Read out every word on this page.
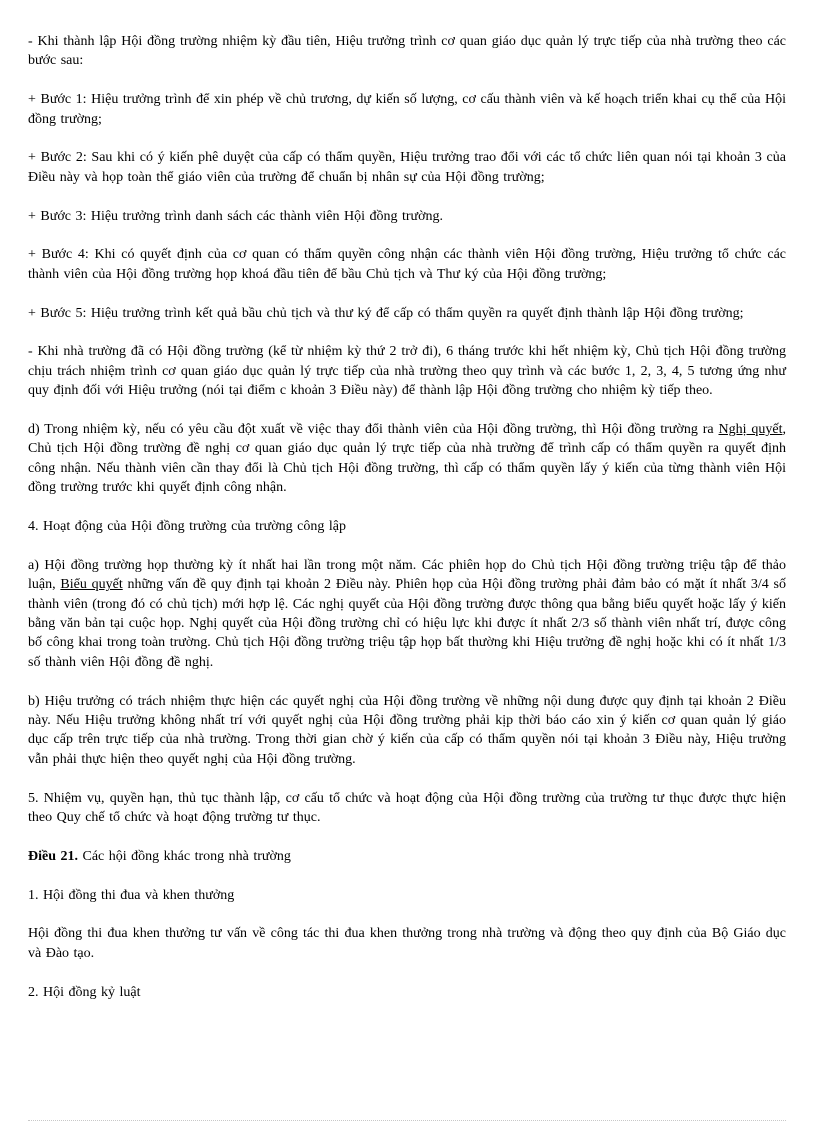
- Khi thành lập Hội đồng trường nhiệm kỳ đầu tiên, Hiệu trưởng trình cơ quan giáo dục quản lý trực tiếp của nhà trường theo các bước sau:

+ Bước 1: Hiệu trưởng trình để xin phép về chủ trương, dự kiến số lượng, cơ cấu thành viên và kế hoạch triển khai cụ thể của Hội đồng trường;

+ Bước 2: Sau khi có ý kiến phê duyệt của cấp có thẩm quyền, Hiệu trưởng trao đổi với các tổ chức liên quan nói tại khoản 3 của Điều này và họp toàn thể giáo viên của trường để chuẩn bị nhân sự của Hội đồng trường;

+ Bước 3: Hiệu trưởng trình danh sách các thành viên Hội đồng trường.

+ Bước 4: Khi có quyết định của cơ quan có thẩm quyền công nhận các thành viên Hội đồng trường, Hiệu trưởng tổ chức các thành viên của Hội đồng trường họp khoá đầu tiên để bầu Chủ tịch và Thư ký của Hội đồng trường;

+ Bước 5: Hiệu trưởng trình kết quả bầu chủ tịch và thư ký để cấp có thẩm quyền ra quyết định thành lập Hội đồng trường;

- Khi nhà trường đã có Hội đồng trường (kể từ nhiệm kỳ thứ 2 trở đi), 6 tháng trước khi hết nhiệm kỳ, Chủ tịch Hội đồng trường chịu trách nhiệm trình cơ quan giáo dục quản lý trực tiếp của nhà trường theo quy trình và các bước 1, 2, 3, 4, 5 tương ứng như quy định đối với Hiệu trưởng (nói tại điểm c khoản 3 Điều này) để thành lập Hội đồng trường cho nhiệm kỳ tiếp theo.

d) Trong nhiệm kỳ, nếu có yêu cầu đột xuất về việc thay đổi thành viên của Hội đồng trường, thì Hội đồng trường ra Nghị quyết, Chủ tịch Hội đồng trường đề nghị cơ quan giáo dục quản lý trực tiếp của nhà trường để trình cấp có thẩm quyền ra quyết định công nhận. Nếu thành viên cần thay đổi là Chủ tịch Hội đồng trường, thì cấp có thẩm quyền lấy ý kiến của từng thành viên Hội đồng trường trước khi quyết định công nhận.

4. Hoạt động của Hội đồng trường của trường công lập

a) Hội đồng trường họp thường kỳ ít nhất hai lần trong một năm. Các phiên họp do Chủ tịch Hội đồng trường triệu tập để thảo luận, Biểu quyết những vấn đề quy định tại khoản 2 Điều này. Phiên họp của Hội đồng trường phải đảm bảo có mặt ít nhất 3/4 số thành viên (trong đó có chủ tịch) mới hợp lệ. Các nghị quyết của Hội đồng trường được thông qua bằng biểu quyết hoặc lấy ý kiến bằng văn bản tại cuộc họp. Nghị quyết của Hội đồng trường chỉ có hiệu lực khi được ít nhất 2/3 số thành viên nhất trí, được công bố công khai trong toàn trường. Chủ tịch Hội đồng trường triệu tập họp bất thường khi Hiệu trưởng đề nghị hoặc khi có ít nhất 1/3 số thành viên Hội đồng đề nghị.

b) Hiệu trưởng có trách nhiệm thực hiện các quyết nghị của Hội đồng trường về những nội dung được quy định tại khoản 2 Điều này. Nếu Hiệu trưởng không nhất trí với quyết nghị của Hội đồng trường phải kịp thời báo cáo xin ý kiến cơ quan quản lý giáo dục cấp trên trực tiếp của nhà trường. Trong thời gian chờ ý kiến của cấp có thẩm quyền nói tại khoản 3 Điều này, Hiệu trưởng vẫn phải thực hiện theo quyết nghị của Hội đồng trường.

5. Nhiệm vụ, quyền hạn, thủ tục thành lập, cơ cấu tổ chức và hoạt động của Hội đồng trường của trường tư thục được thực hiện theo Quy chế tổ chức và hoạt động trường tư thục.

Điều 21. Các hội đồng khác trong nhà trường

1. Hội đồng thi đua và khen thưởng

Hội đồng thi đua khen thưởng tư vấn về công tác thi đua khen thưởng trong nhà trường và động theo quy định của Bộ Giáo dục và Đào tạo.

2. Hội đồng kỷ luật
